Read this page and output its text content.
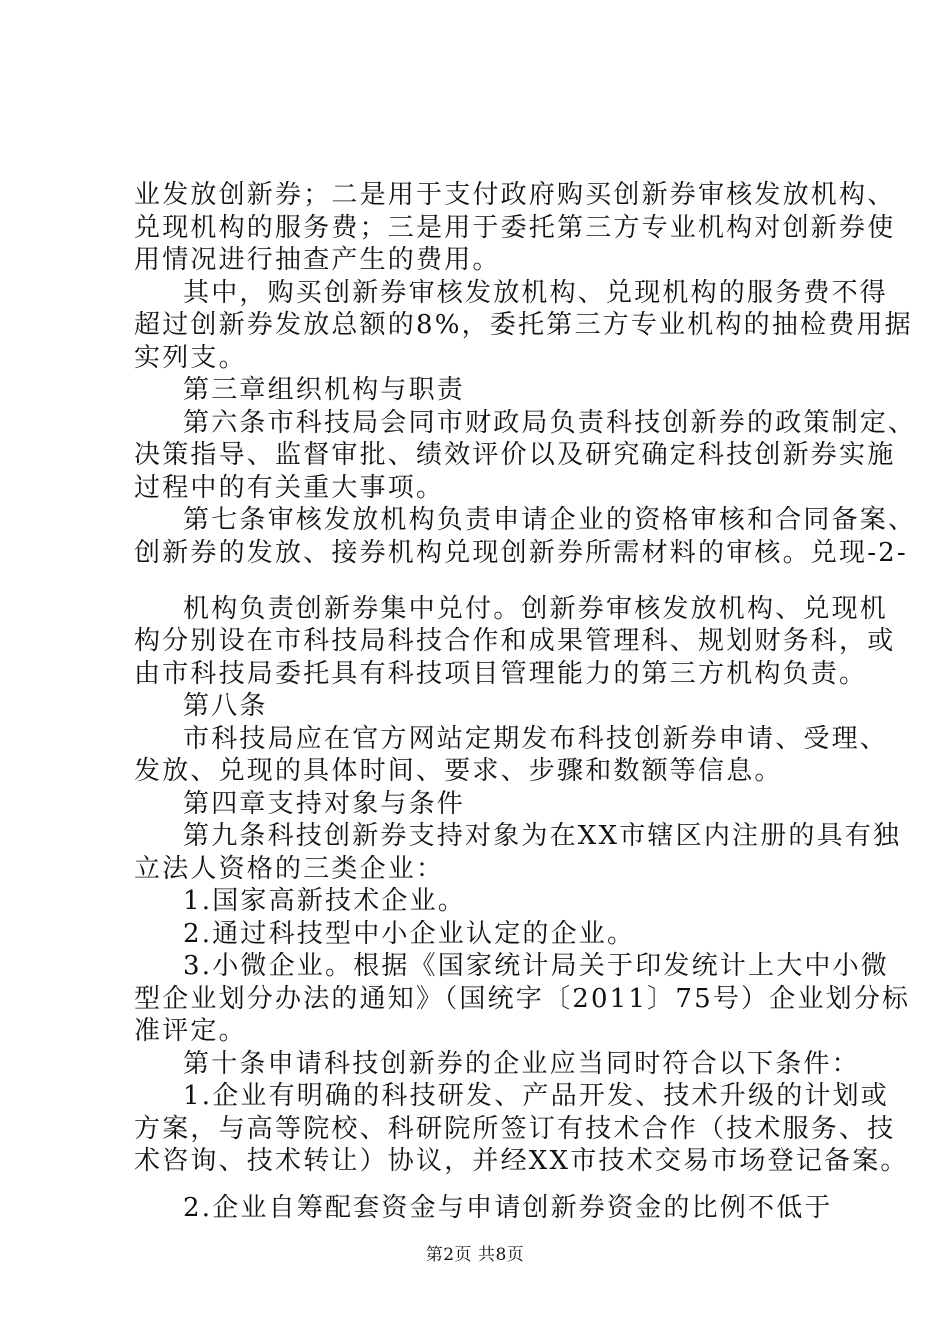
业发放创新券；二是用于支付政府购买创新券审核发放机构、
兑现机构的服务费；三是用于委托第三方专业机构对创新券使
用情况进行抽查产生的费用。
其中，购买创新券审核发放机构、兑现机构的服务费不得
超过创新券发放总额的8%，委托第三方专业机构的抽检费用据
实列支。
第三章组织机构与职责
第六条市科技局会同市财政局负责科技创新券的政策制定、
决策指导、监督审批、绩效评价以及研究确定科技创新券实施
过程中的有关重大事项。
第七条审核发放机构负责申请企业的资格审核和合同备案、
创新券的发放、接券机构兑现创新券所需材料的审核。兑现-2-
机构负责创新券集中兑付。创新券审核发放机构、兑现机
构分别设在市科技局科技合作和成果管理科、规划财务科，或
由市科技局委托具有科技项目管理能力的第三方机构负责。
第八条
市科技局应在官方网站定期发布科技创新券申请、受理、
发放、兑现的具体时间、要求、步骤和数额等信息。
第四章支持对象与条件
第九条科技创新券支持对象为在XX市辖区内注册的具有独
立法人资格的三类企业：
1.国家高新技术企业。
2.通过科技型中小企业认定的企业。
3.小微企业。根据《国家统计局关于印发统计上大中小微
型企业划分办法的通知》（国统字〔2011〕75号）企业划分标
准评定。
第十条申请科技创新券的企业应当同时符合以下条件：
1.企业有明确的科技研发、产品开发、技术升级的计划或
方案，与高等院校、科研院所签订有技术合作（技术服务、技
术咨询、技术转让）协议，并经XX市技术交易市场登记备案。
2.企业自筹配套资金与申请创新券资金的比例不低于
第2页 共8页
